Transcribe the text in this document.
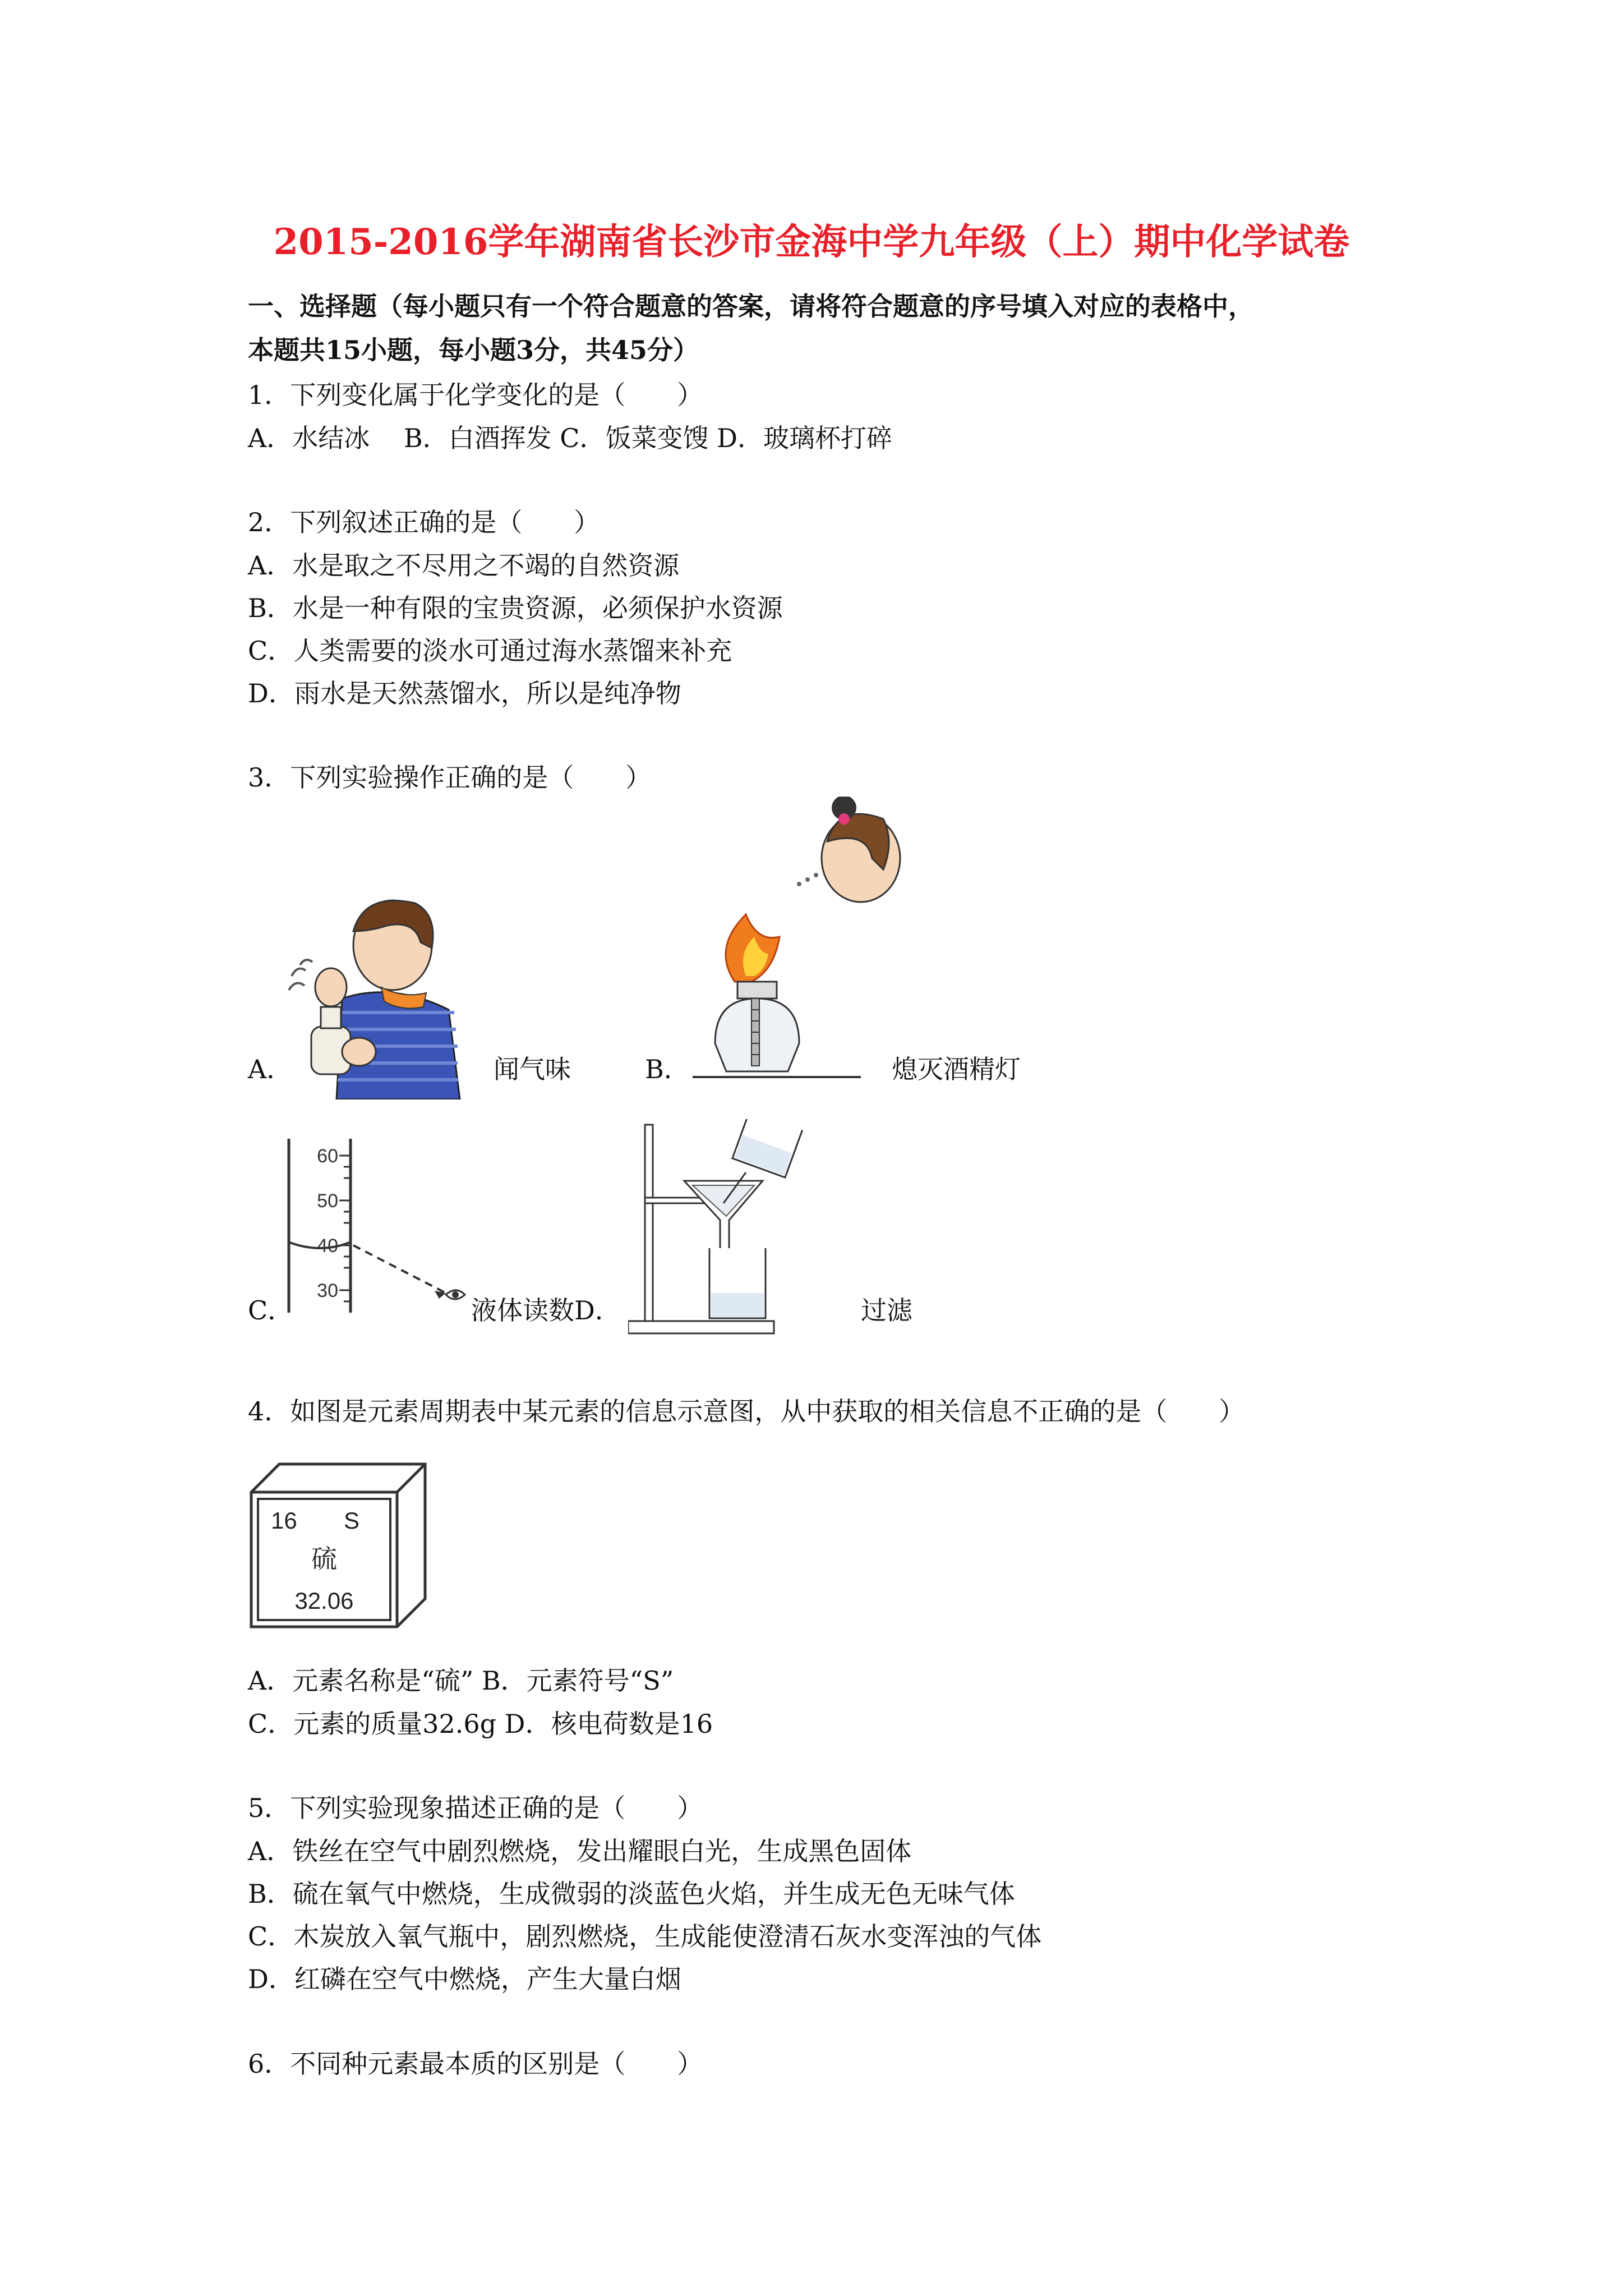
2015-2016学年湖南省长沙市金海中学九年级（上）期中化学试卷
一、选择题（每小题只有一个符合题意的答案，请将符合题意的序号填入对应的表格中，
本题共15小题，每小题3分，共45分）
1．下列变化属于化学变化的是（　　）
A．水结冰　 B．白酒挥发 C．饭菜变馊 D．玻璃杯打碎
2．下列叙述正确的是（　　）
A．水是取之不尽用之不竭的自然资源
B．水是一种有限的宝贵资源，必须保护水资源
C．人类需要的淡水可通过海水蒸馏来补充
D．雨水是天然蒸馏水，所以是纯净物
3．下列实验操作正确的是（　　）
A．	闻气味	B．	熄灭酒精灯
60
50
40
30
C．	液体读数D．	过滤
4．如图是元素周期表中某元素的信息示意图，从中获取的相关信息不正确的是（　　）
16 S
硫
32.06
A．元素名称是“硫” B．元素符号“S”
C．元素的质量32.6g D．核电荷数是16
5．下列实验现象描述正确的是（　　）
A．铁丝在空气中剧烈燃烧，发出耀眼白光，生成黑色固体
B．硫在氧气中燃烧，生成微弱的淡蓝色火焰，并生成无色无味气体
C．木炭放入氧气瓶中，剧烈燃烧，生成能使澄清石灰水变浑浊的气体
D．红磷在空气中燃烧，产生大量白烟
6．不同种元素最本质的区别是（　　）
